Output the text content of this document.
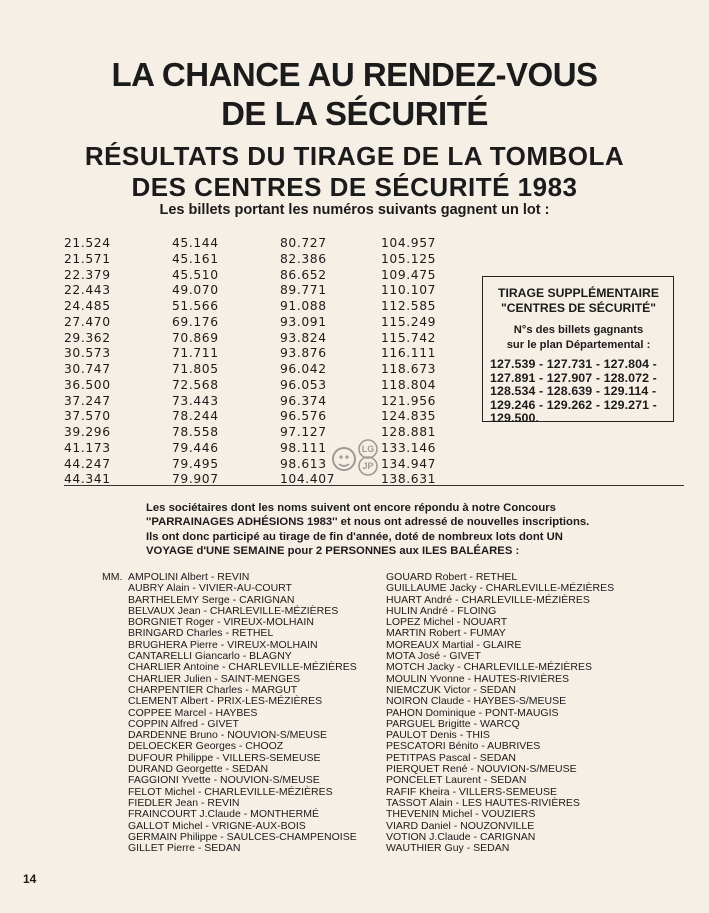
LA CHANCE AU RENDEZ-VOUS
DE LA SÉCURITÉ
RÉSULTATS DU TIRAGE DE LA TOMBOLA
DES CENTRES DE SÉCURITÉ 1983
Les billets portant les numéros suivants gagnent un lot :
21.524
21.571
22.379
22.443
24.485
27.470
29.362
30.573
30.747
36.500
37.247
37.570
39.296
41.173
44.247
44.341
45.144
45.161
45.510
49.070
51.566
69.176
70.869
71.711
71.805
72.568
73.443
78.244
78.558
79.446
79.495
79.907
80.727
82.386
86.652
89.771
91.088
93.091
93.824
93.876
96.042
96.053
96.374
96.576
97.127
98.111
98.613
104.407
104.957
105.125
109.475
110.107
112.585
115.249
115.742
116.111
118.673
118.804
121.956
124.835
128.881
133.146
134.947
138.631
TIRAGE SUPPLÉMENTAIRE
"CENTRES DE SÉCURITÉ"
N°s des billets gagnants
sur le plan Départemental :
127.539 - 127.731 - 127.804 - 127.891 - 127.907 - 128.072 - 128.534 - 128.639 - 129.114 - 129.246 - 129.262 - 129.271 - 129.500.
LG
JP

Les sociétaires dont les noms suivent ont encore répondu à notre Concours ''PARRAINAGES ADHÉSIONS 1983'' et nous ont adressé de nouvelles inscriptions. Ils ont donc participé au tirage de fin d'année, doté de nombreux lots dont UN VOYAGE d'UNE SEMAINE pour 2 PERSONNES aux ILES BALÉARES :

MM. AMPOLINI Albert - REVIN
AUBRY Alain - VIVIER-AU-COURT
BARTHELEMY Serge - CARIGNAN
BELVAUX Jean - CHARLEVILLE-MÉZIÈRES
BORGNIET Roger - VIREUX-MOLHAIN
BRINGARD Charles - RETHEL
BRUGHERA Pierre - VIREUX-MOLHAIN
CANTARELLI Giancarlo - BLAGNY
CHARLIER Antoine - CHARLEVILLE-MÉZIÈRES
CHARLIER Julien - SAINT-MENGES
CHARPENTIER Charles - MARGUT
CLEMENT Albert - PRIX-LES-MÉZIÈRES
COPPEE Marcel - HAYBES
COPPIN Alfred - GIVET
DARDENNE Bruno - NOUVION-S/MEUSE
DELOECKER Georges - CHOOZ
DUFOUR Philippe - VILLERS-SEMEUSE
DURAND Georgette - SEDAN
FAGGIONI Yvette - NOUVION-S/MEUSE
FELOT Michel - CHARLEVILLE-MÉZIÈRES
FIEDLER Jean - REVIN
FRAINCOURT J.Claude - MONTHERMÉ
GALLOT Michel - VRIGNE-AUX-BOIS
GERMAIN Philippe - SAULCES-CHAMPENOISE
GILLET Pierre - SEDAN
GOUARD Robert - RETHEL
GUILLAUME Jacky - CHARLEVILLE-MÉZIÈRES
HUART André - CHARLEVILLE-MÉZIÈRES
HULIN André - FLOING
LOPEZ Michel - NOUART
MARTIN Robert - FUMAY
MOREAUX Martial - GLAIRE
MOTA José - GIVET
MOTCH Jacky - CHARLEVILLE-MÉZIÈRES
MOULIN Yvonne - HAUTES-RIVIÈRES
NIEMCZUK Victor - SEDAN
NOIRON Claude - HAYBES-S/MEUSE
PAHON Dominique - PONT-MAUGIS
PARGUEL Brigitte - WARCQ
PAULOT Denis - THIS
PESCATORI Bénito - AUBRIVES
PETITPAS Pascal - SEDAN
PIERQUET René - NOUVION-S/MEUSE
PONCELET Laurent - SEDAN
RAFIF Kheira - VILLERS-SEMEUSE
TASSOT Alain - LES HAUTES-RIVIÈRES
THEVENIN Michel - VOUZIERS
VIARD Daniel - NOUZONVILLE
VOTION J.Claude - CARIGNAN
WAUTHIER Guy - SEDAN
14
